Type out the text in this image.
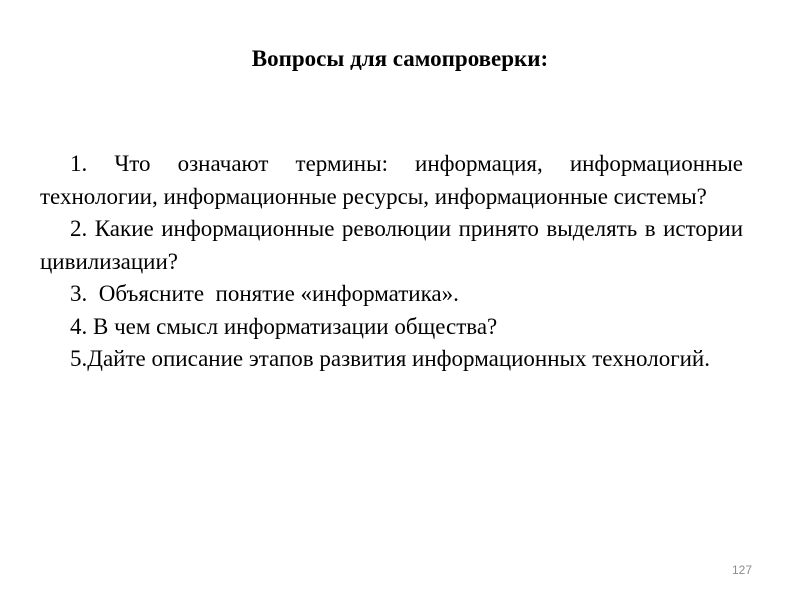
Вопросы для самопроверки:

1. Что означают термины: информация, информационные технологии, информационные ресурсы, информационные системы?

2. Какие информационные революции принято выделять в истории цивилизации?

3.  Объясните  понятие «информатика».

4. В чем смысл информатизации общества?

5.Дайте описание этапов развития информационных технологий.

127
